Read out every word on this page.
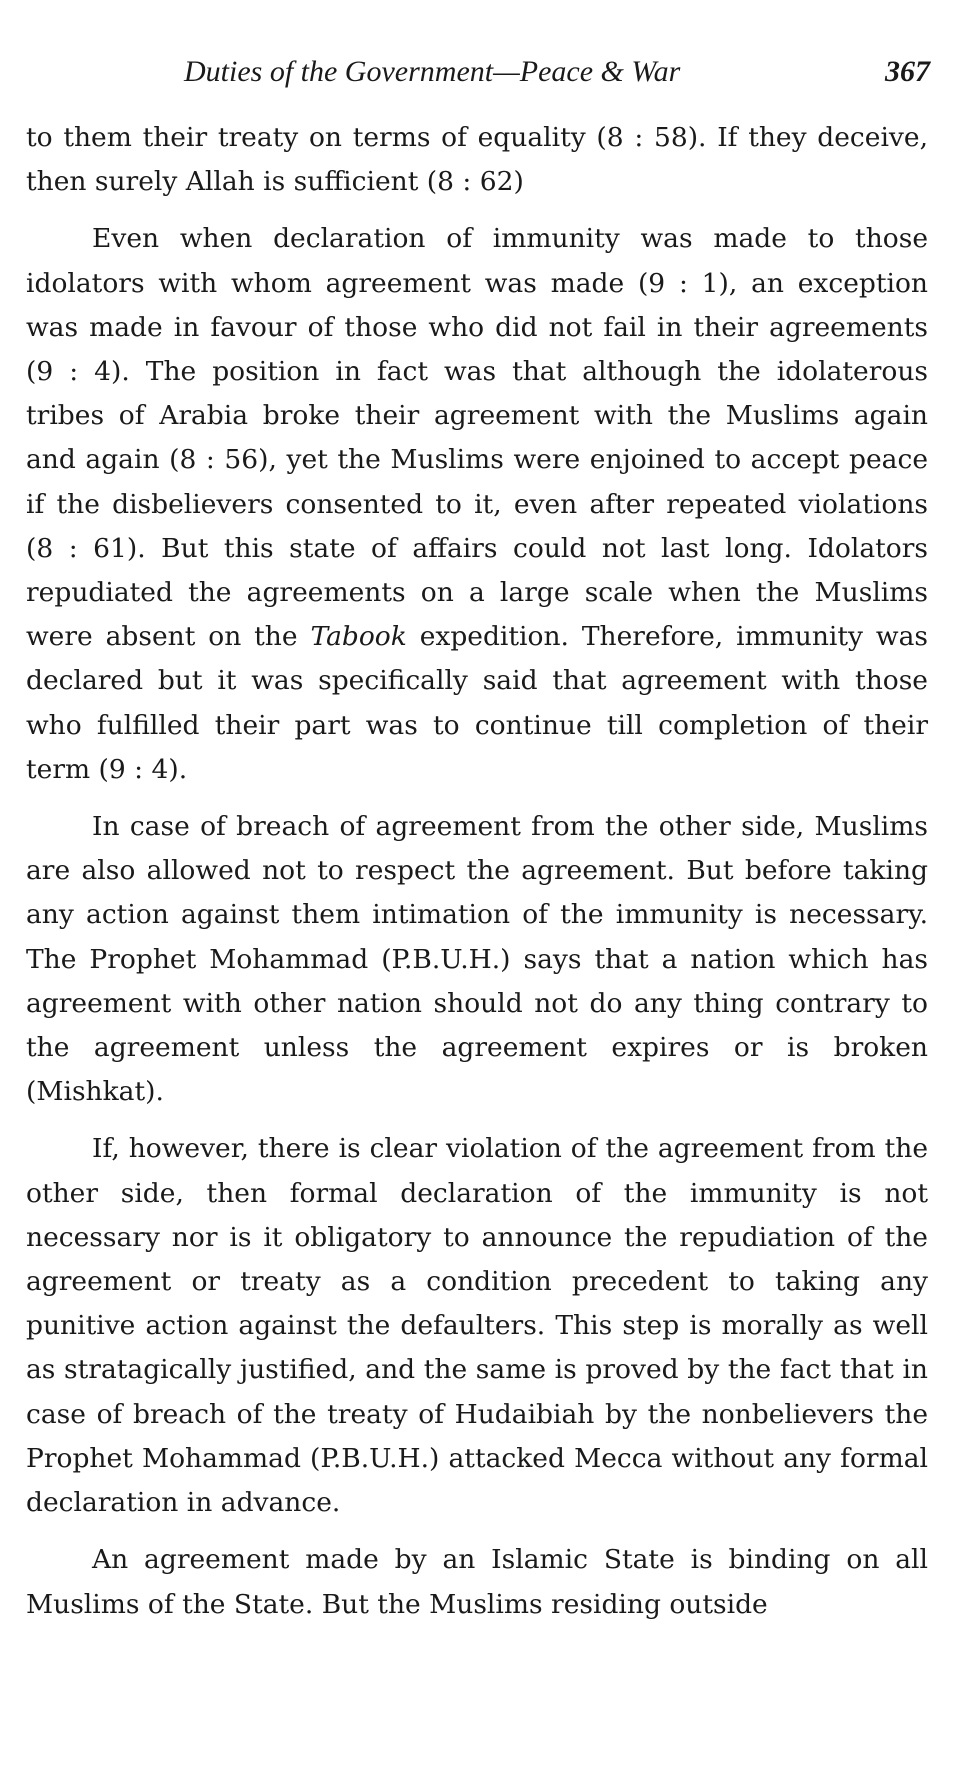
Duties of the Government—Peace & War	367

to them their treaty on terms of equality (8 : 58). If they deceive, then surely Allah is sufficient (8 : 62)

Even when declaration of immunity was made to those idolators with whom agreement was made (9 : 1), an exception was made in favour of those who did not fail in their agreements (9 : 4). The position in fact was that although the idolaterous tribes of Arabia broke their agreement with the Muslims again and again (8 : 56), yet the Muslims were enjoined to accept peace if the disbelievers consented to it, even after repeated violations (8 : 61). But this state of affairs could not last long. Idolators repudiated the agreements on a large scale when the Muslims were absent on the Tabook expedition. Therefore, immunity was declared but it was specifically said that agreement with those who fulfilled their part was to continue till completion of their term (9 : 4).

In case of breach of agreement from the other side, Muslims are also allowed not to respect the agreement. But before taking any action against them intimation of the immunity is necessary. The Prophet Mohammad (P.B.U.H.) says that a nation which has agreement with other nation should not do any thing contrary to the agreement unless the agreement expires or is broken (Mishkat).

If, however, there is clear violation of the agreement from the other side, then formal declaration of the immunity is not necessary nor is it obligatory to announce the repudiation of the agreement or treaty as a condition precedent to taking any punitive action against the defaulters. This step is morally as well as stratagically justified, and the same is proved by the fact that in case of breach of the treaty of Hudaibiah by the nonbelievers the Prophet Mohammad (P.B.U.H.) attacked Mecca without any formal declaration in advance.

An agreement made by an Islamic State is binding on all Muslims of the State. But the Muslims residing outside
